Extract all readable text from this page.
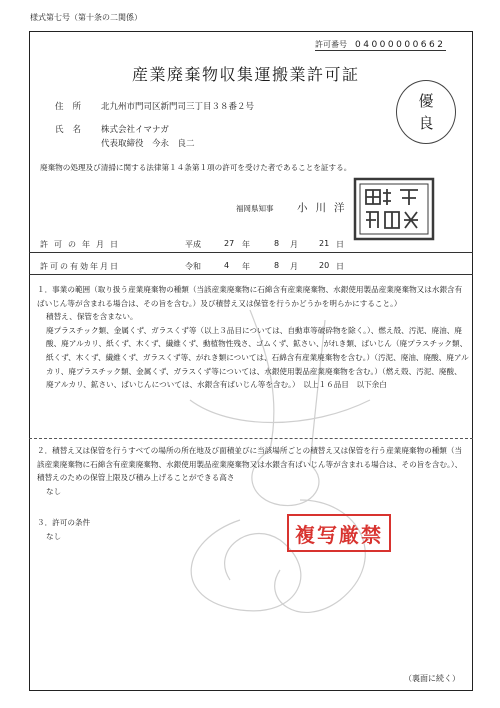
様式第七号（第十条の二関係）
許可番号 04000000662
産業廃棄物収集運搬業許可証
住所 北九州市門司区新門司三丁目３８番２号
氏名 株式会社イマナガ
代表取締役　今永　良二
優
良
廃棄物の処理及び清掃に関する法律第１４条第１項の許可を受けた者であることを証する。
福岡県知事 小川洋
許可の年月日	平成	27 年	8 月	21 日
許可の有効年月日	令和	4 年	8 月	20 日

１．事業の範囲（取り扱う産業廃棄物の種類（当該産業廃棄物に石綿含有産業廃棄物、水銀使用製品産業廃棄物又は水銀含有ばいじん等が含まれる場合は、その旨を含む。）及び積替え又は保管を行うかどうかを明らかにすること。）

積替え、保管を含まない。

廃プラスチック類、金属くず、ガラスくず等（以上３品目については、自動車等破砕物を除く。）、燃え殻、汚泥、廃油、廃酸、廃アルカリ、紙くず、木くず、繊維くず、動植物性残さ、ゴムくず、鉱さい、がれき類、ばいじん（廃プラスチック類、紙くず、木くず、繊維くず、ガラスくず等、がれき類については、石綿含有産業廃棄物を含む。）（汚泥、廃油、廃酸、廃アルカリ、廃プラスチック類、金属くず、ガラスくず等については、水銀使用製品産業廃棄物を含む。）（燃え殻、汚泥、廃酸、廃アルカリ、鉱さい、ばいじんについては、水銀含有ばいじん等を含む。）　以上１６品目　以下余白

２．積替え又は保管を行うすべての場所の所在地及び面積並びに当該場所ごとの積替え又は保管を行う産業廃棄物の種類（当該産業廃棄物に石綿含有産業廃棄物、水銀使用製品産業廃棄物又は水銀含有ばいじん等が含まれる場合は、その旨を含む。）、積替えのための保管上限及び積み上げることができる高さ

なし

３．許可の条件

なし	複写厳禁
（裏面に続く）
